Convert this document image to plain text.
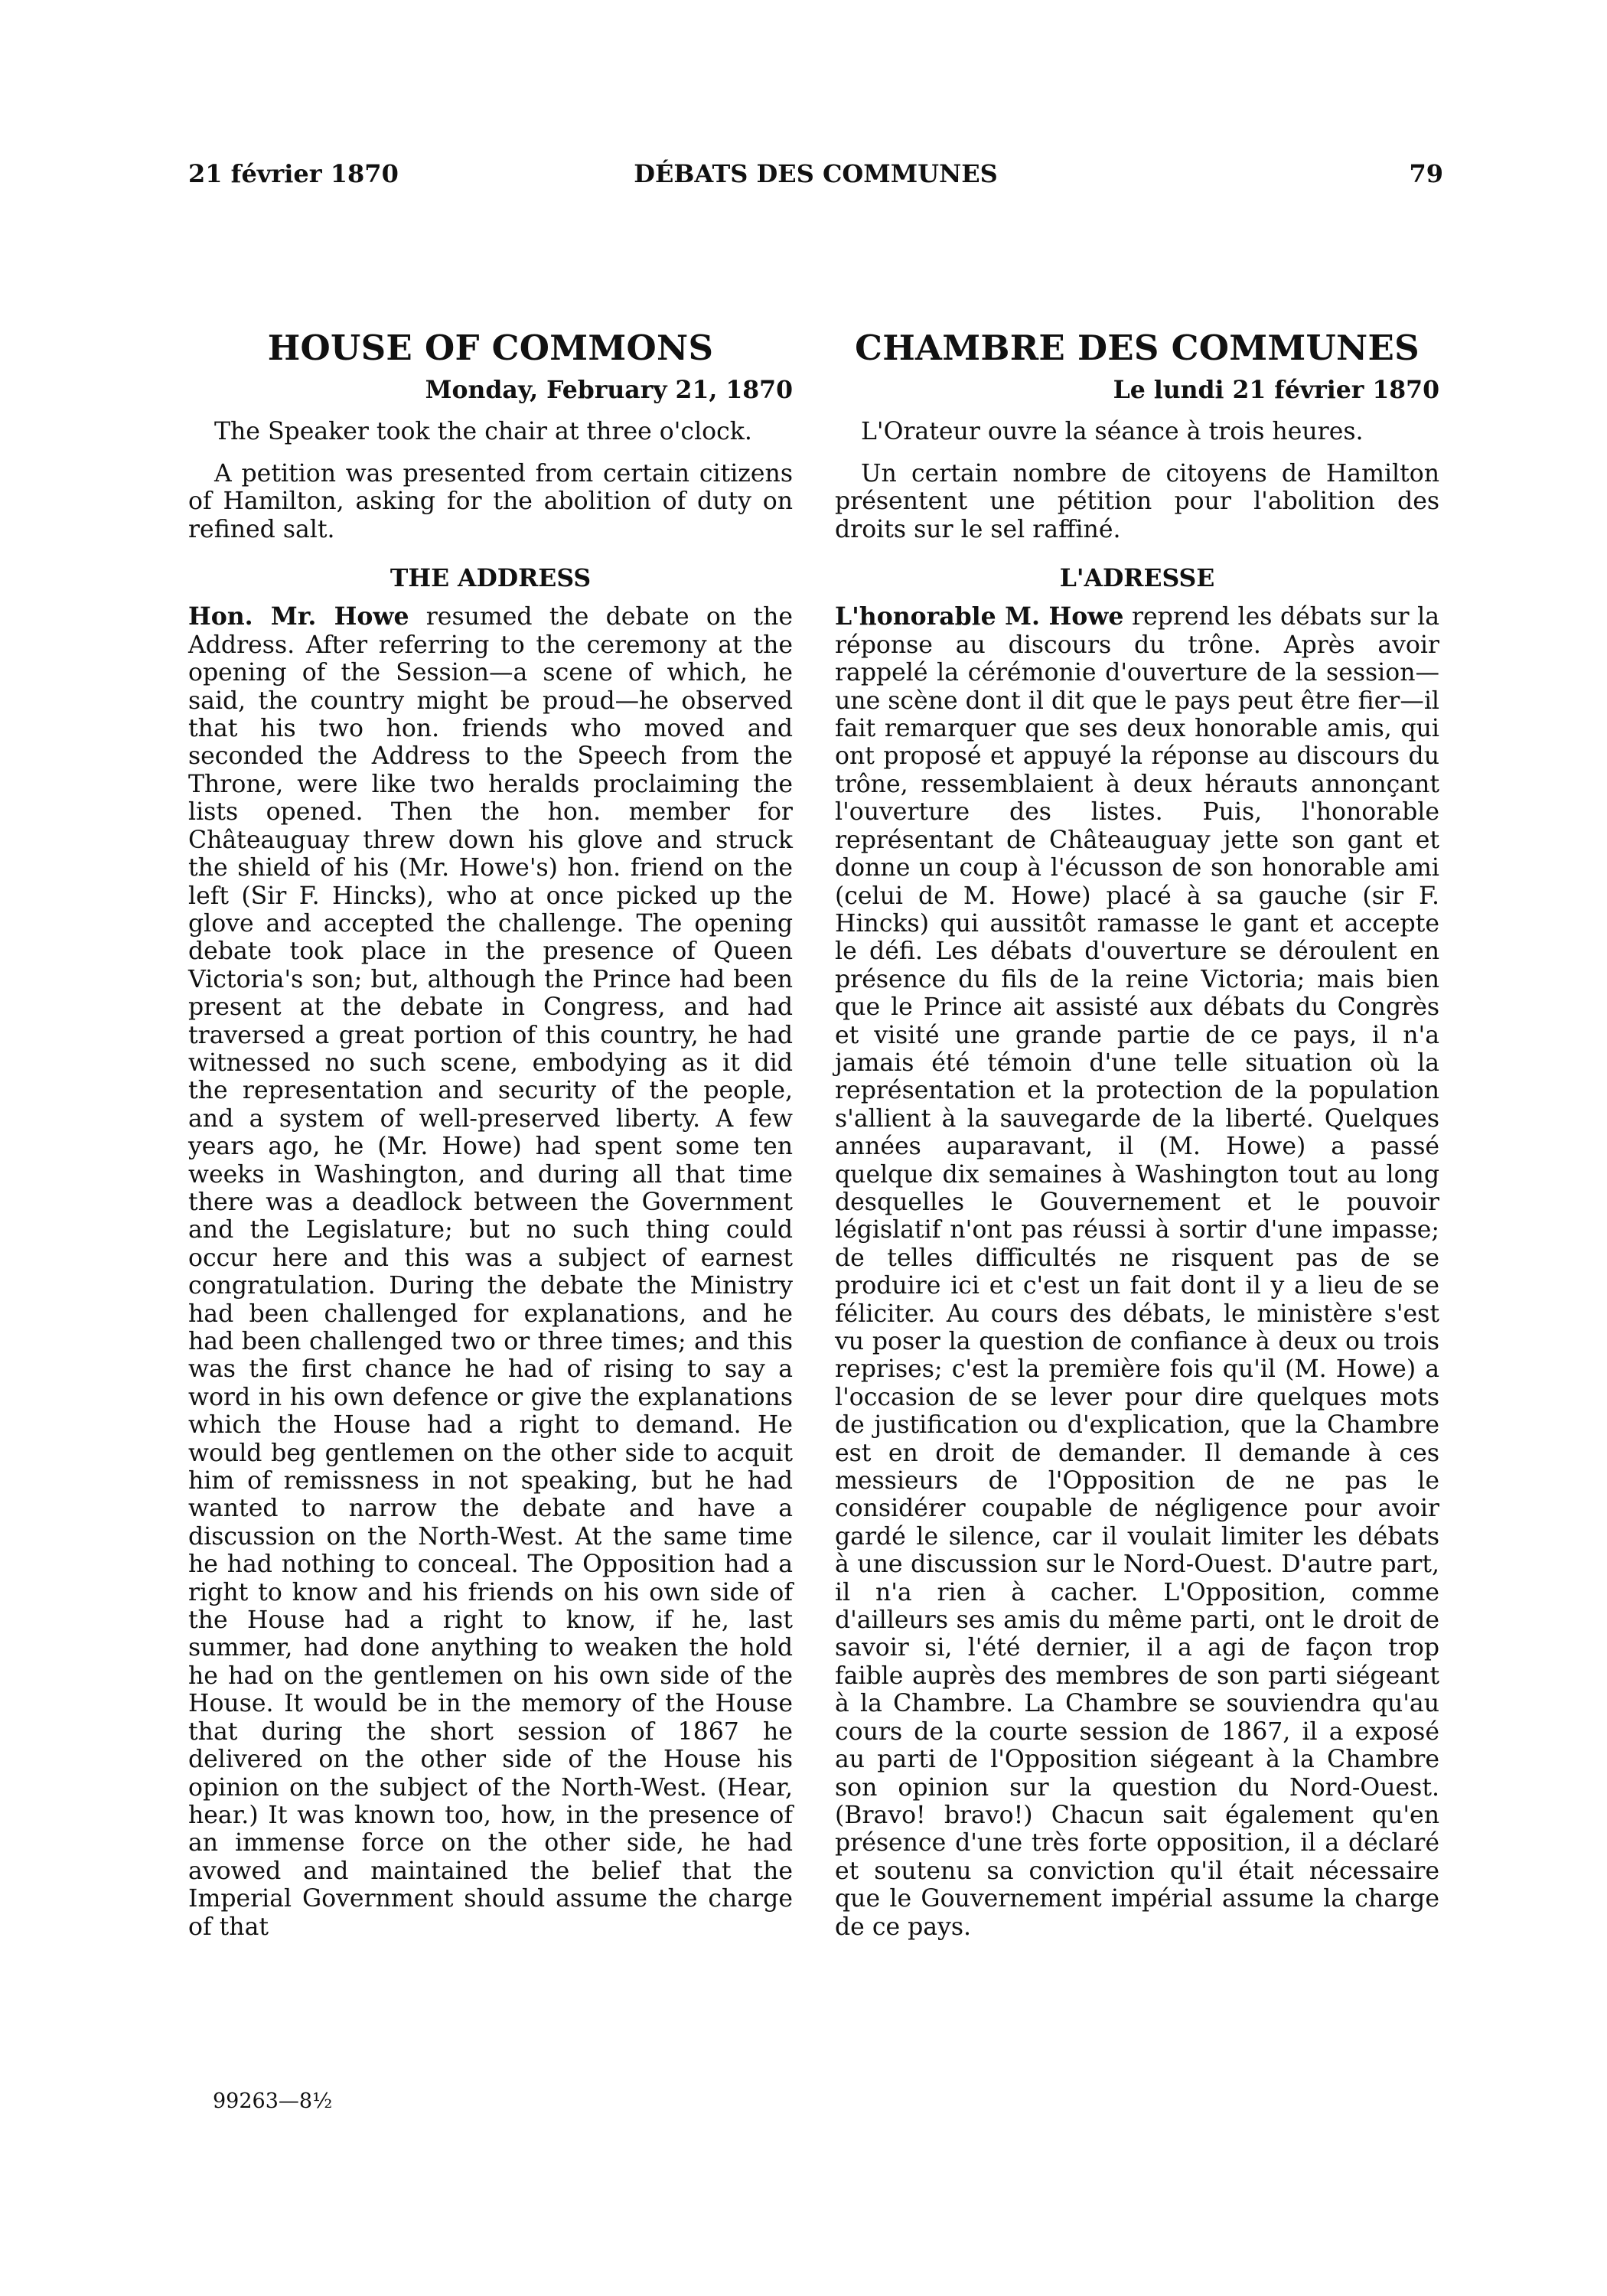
21 février 1870	DÉBATS DES COMMUNES	79
HOUSE OF COMMONS
Monday, February 21, 1870

The Speaker took the chair at three o'clock.

A petition was presented from certain citizens of Hamilton, asking for the abolition of duty on refined salt.

THE ADDRESS

Hon. Mr. Howe resumed the debate on the Address. After referring to the ceremony at the opening of the Session—a scene of which, he said, the country might be proud—he observed that his two hon. friends who moved and seconded the Address to the Speech from the Throne, were like two heralds proclaiming the lists opened. Then the hon. member for Châteauguay threw down his glove and struck the shield of his (Mr. Howe's) hon. friend on the left (Sir F. Hincks), who at once picked up the glove and accepted the challenge. The opening debate took place in the presence of Queen Victoria's son; but, although the Prince had been present at the debate in Congress, and had traversed a great portion of this country, he had witnessed no such scene, embodying as it did the representation and security of the people, and a system of well-preserved liberty. A few years ago, he (Mr. Howe) had spent some ten weeks in Washington, and during all that time there was a deadlock between the Government and the Legislature; but no such thing could occur here and this was a subject of earnest congratulation. During the debate the Ministry had been challenged for explanations, and he had been challenged two or three times; and this was the first chance he had of rising to say a word in his own defence or give the explanations which the House had a right to demand. He would beg gentlemen on the other side to acquit him of remissness in not speaking, but he had wanted to narrow the debate and have a discussion on the North-West. At the same time he had nothing to conceal. The Opposition had a right to know and his friends on his own side of the House had a right to know, if he, last summer, had done anything to weaken the hold he had on the gentlemen on his own side of the House. It would be in the memory of the House that during the short session of 1867 he delivered on the other side of the House his opinion on the subject of the North-West. (Hear, hear.) It was known too, how, in the presence of an immense force on the other side, he had avowed and maintained the belief that the Imperial Government should assume the charge of that

CHAMBRE DES COMMUNES
Le lundi 21 février 1870

L'Orateur ouvre la séance à trois heures.

Un certain nombre de citoyens de Hamilton présentent une pétition pour l'abolition des droits sur le sel raffiné.

L'ADRESSE

L'honorable M. Howe reprend les débats sur la réponse au discours du trône. Après avoir rappelé la cérémonie d'ouverture de la session—une scène dont il dit que le pays peut être fier—il fait remarquer que ses deux honorable amis, qui ont proposé et appuyé la réponse au discours du trône, ressemblaient à deux hérauts annonçant l'ouverture des listes. Puis, l'honorable représentant de Châteauguay jette son gant et donne un coup à l'écusson de son honorable ami (celui de M. Howe) placé à sa gauche (sir F. Hincks) qui aussitôt ramasse le gant et accepte le défi. Les débats d'ouverture se déroulent en présence du fils de la reine Victoria; mais bien que le Prince ait assisté aux débats du Congrès et visité une grande partie de ce pays, il n'a jamais été témoin d'une telle situation où la représentation et la protection de la population s'allient à la sauvegarde de la liberté. Quelques années auparavant, il (M. Howe) a passé quelque dix semaines à Washington tout au long desquelles le Gouvernement et le pouvoir législatif n'ont pas réussi à sortir d'une impasse; de telles difficultés ne risquent pas de se produire ici et c'est un fait dont il y a lieu de se féliciter. Au cours des débats, le ministère s'est vu poser la question de confiance à deux ou trois reprises; c'est la première fois qu'il (M. Howe) a l'occasion de se lever pour dire quelques mots de justification ou d'explication, que la Chambre est en droit de demander. Il demande à ces messieurs de l'Opposition de ne pas le considérer coupable de négligence pour avoir gardé le silence, car il voulait limiter les débats à une discussion sur le Nord-Ouest. D'autre part, il n'a rien à cacher. L'Opposition, comme d'ailleurs ses amis du même parti, ont le droit de savoir si, l'été dernier, il a agi de façon trop faible auprès des membres de son parti siégeant à la Chambre. La Chambre se souviendra qu'au cours de la courte session de 1867, il a exposé au parti de l'Opposition siégeant à la Chambre son opinion sur la question du Nord-Ouest. (Bravo! bravo!) Chacun sait également qu'en présence d'une très forte opposition, il a déclaré et soutenu sa conviction qu'il était nécessaire que le Gouvernement impérial assume la charge de ce pays.

99263—8½
